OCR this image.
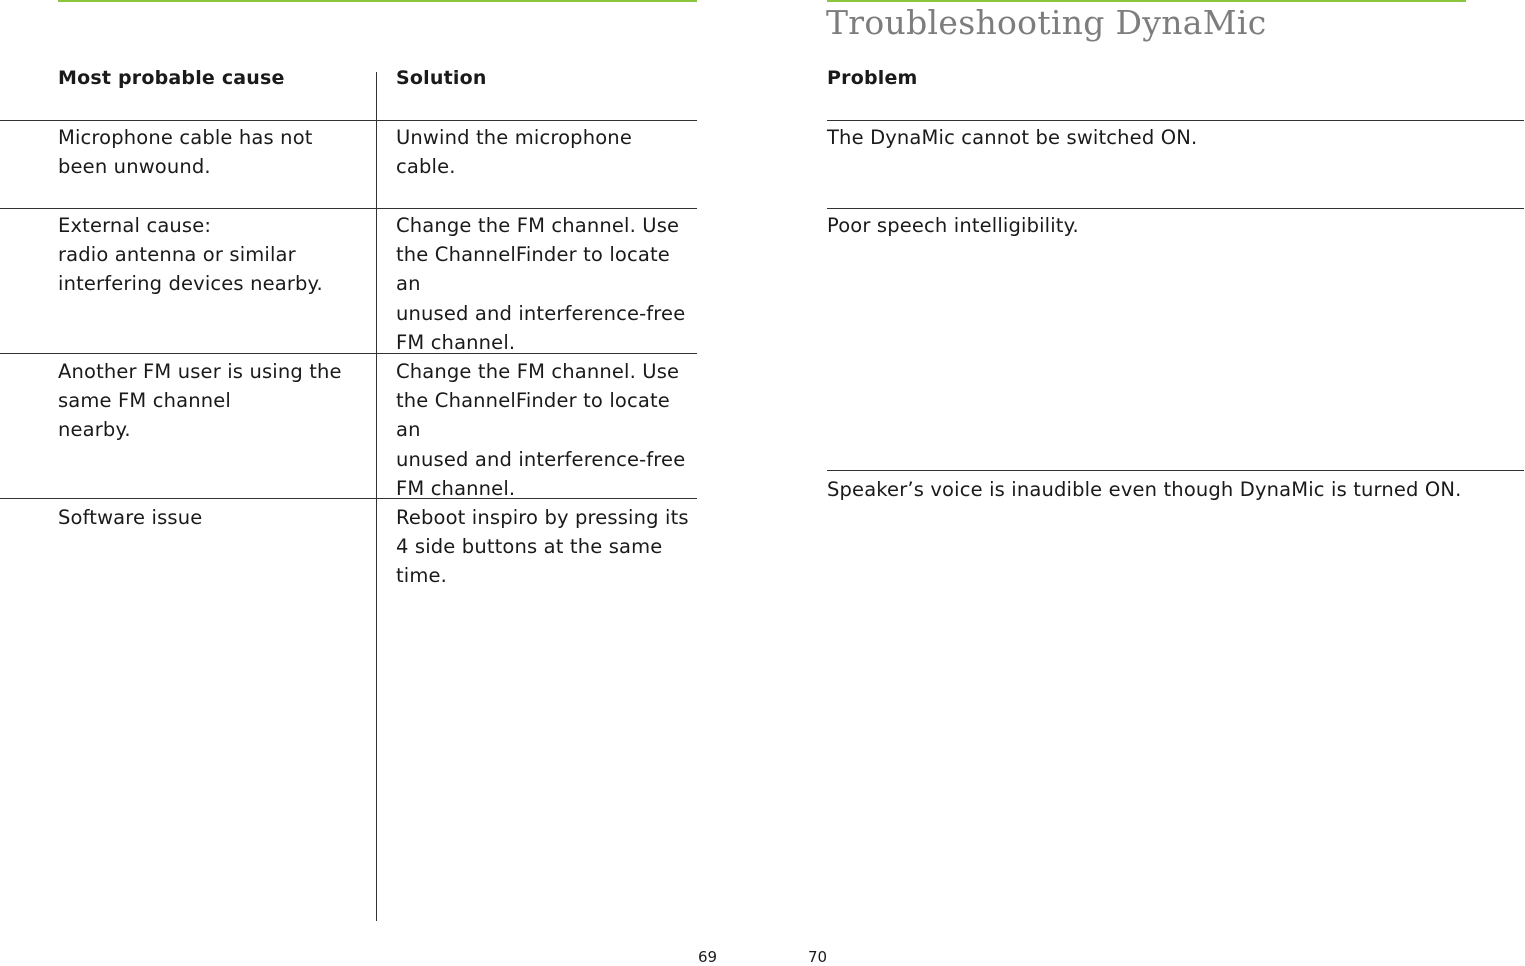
Most probable cause	Solution
Microphone cable has not
been unwound.
Unwind the microphone cable.
External cause:
radio antenna or similar
interfering devices nearby.
Change the FM channel. Use
the ChannelFinder to locate an
unused and interference-free
FM channel.
Another FM user is using the
same FM channel
nearby.
Change the FM channel. Use
the ChannelFinder to locate an
unused and interference-free
FM channel.
Software issue	Reboot inspiro by pressing its
4 side buttons at the same
time.
69
Troubleshooting DynaMic
Problem
The DynaMic cannot be switched ON.
Poor speech intelligibility.
Speaker’s voice is inaudible even though DynaMic is turned ON.
70
